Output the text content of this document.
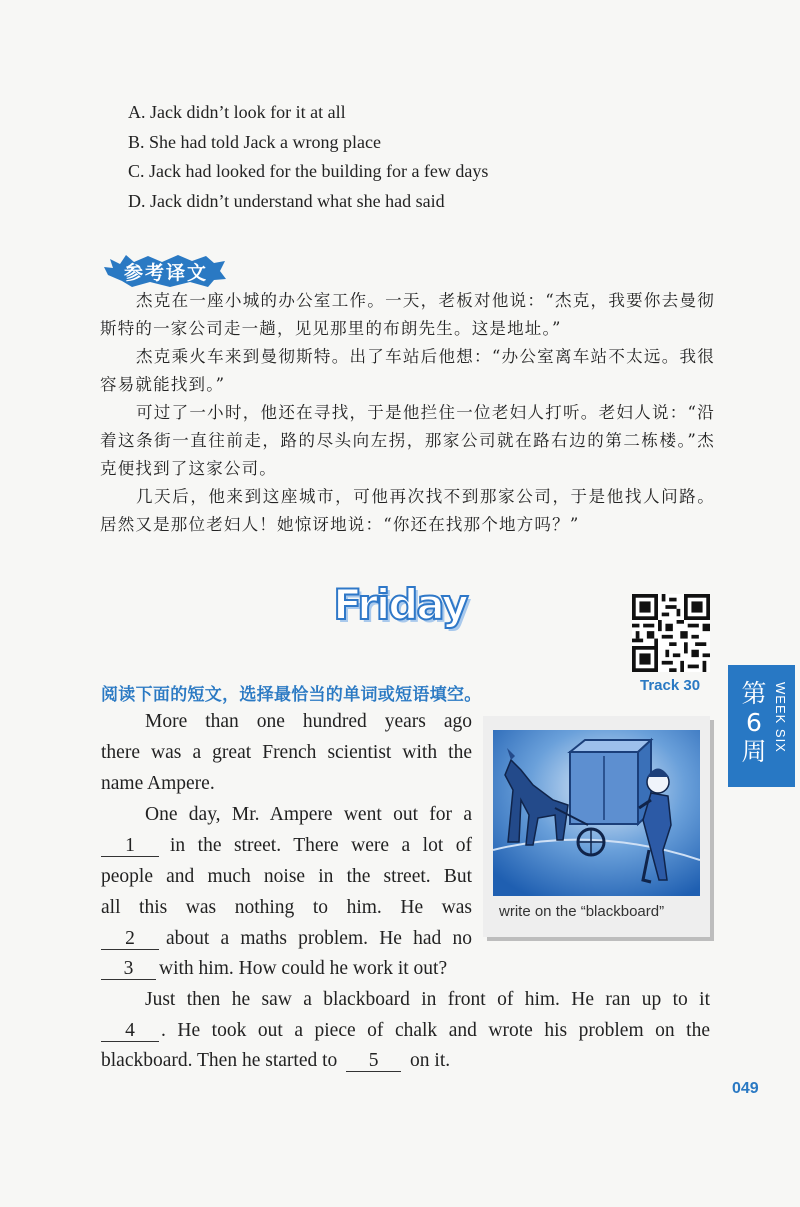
A. Jack didn’t look for it at all
B. She had told Jack a wrong place
C. Jack had looked for the building for a few days
D. Jack didn’t understand what she had said
参考译文
杰克在一座小城的办公室工作。一天，老板对他说：“杰克，我要你去曼彻斯特的一家公司走一趟，见见那里的布朗先生。这是地址。”
杰克乘火车来到曼彻斯特。出了车站后他想：“办公室离车站不太远。我很容易就能找到。”
可过了一小时，他还在寻找，于是他拦住一位老妇人打听。老妇人说：“沿着这条街一直往前走，路的尽头向左拐，那家公司就在路右边的第二栋楼。”杰克便找到了这家公司。
几天后，他来到这座城市，可他再次找不到那家公司，于是他找人问路。居然又是那位老妇人！她惊讶地说：“你还在找那个地方吗？”
Friday
Track 30
阅读下面的短文，选择最恰当的单词或短语填空。	第
6
周 WEEK SIX
write on the “blackboard”
More than one hundred years ago
there was a great French scientist with the
name Ampere.
One day, Mr. Ampere went out for a
1	in the street. There were a lot of
people and much noise in the street. But
all this was nothing to him. He was
2	about a maths problem. He had no
3	with him. How could he work it out?
Just then he saw a blackboard in front of him. He ran up to it
4	. He took out a piece of chalk and wrote his problem on the
blackboard. Then he started to 5 on it.
049
